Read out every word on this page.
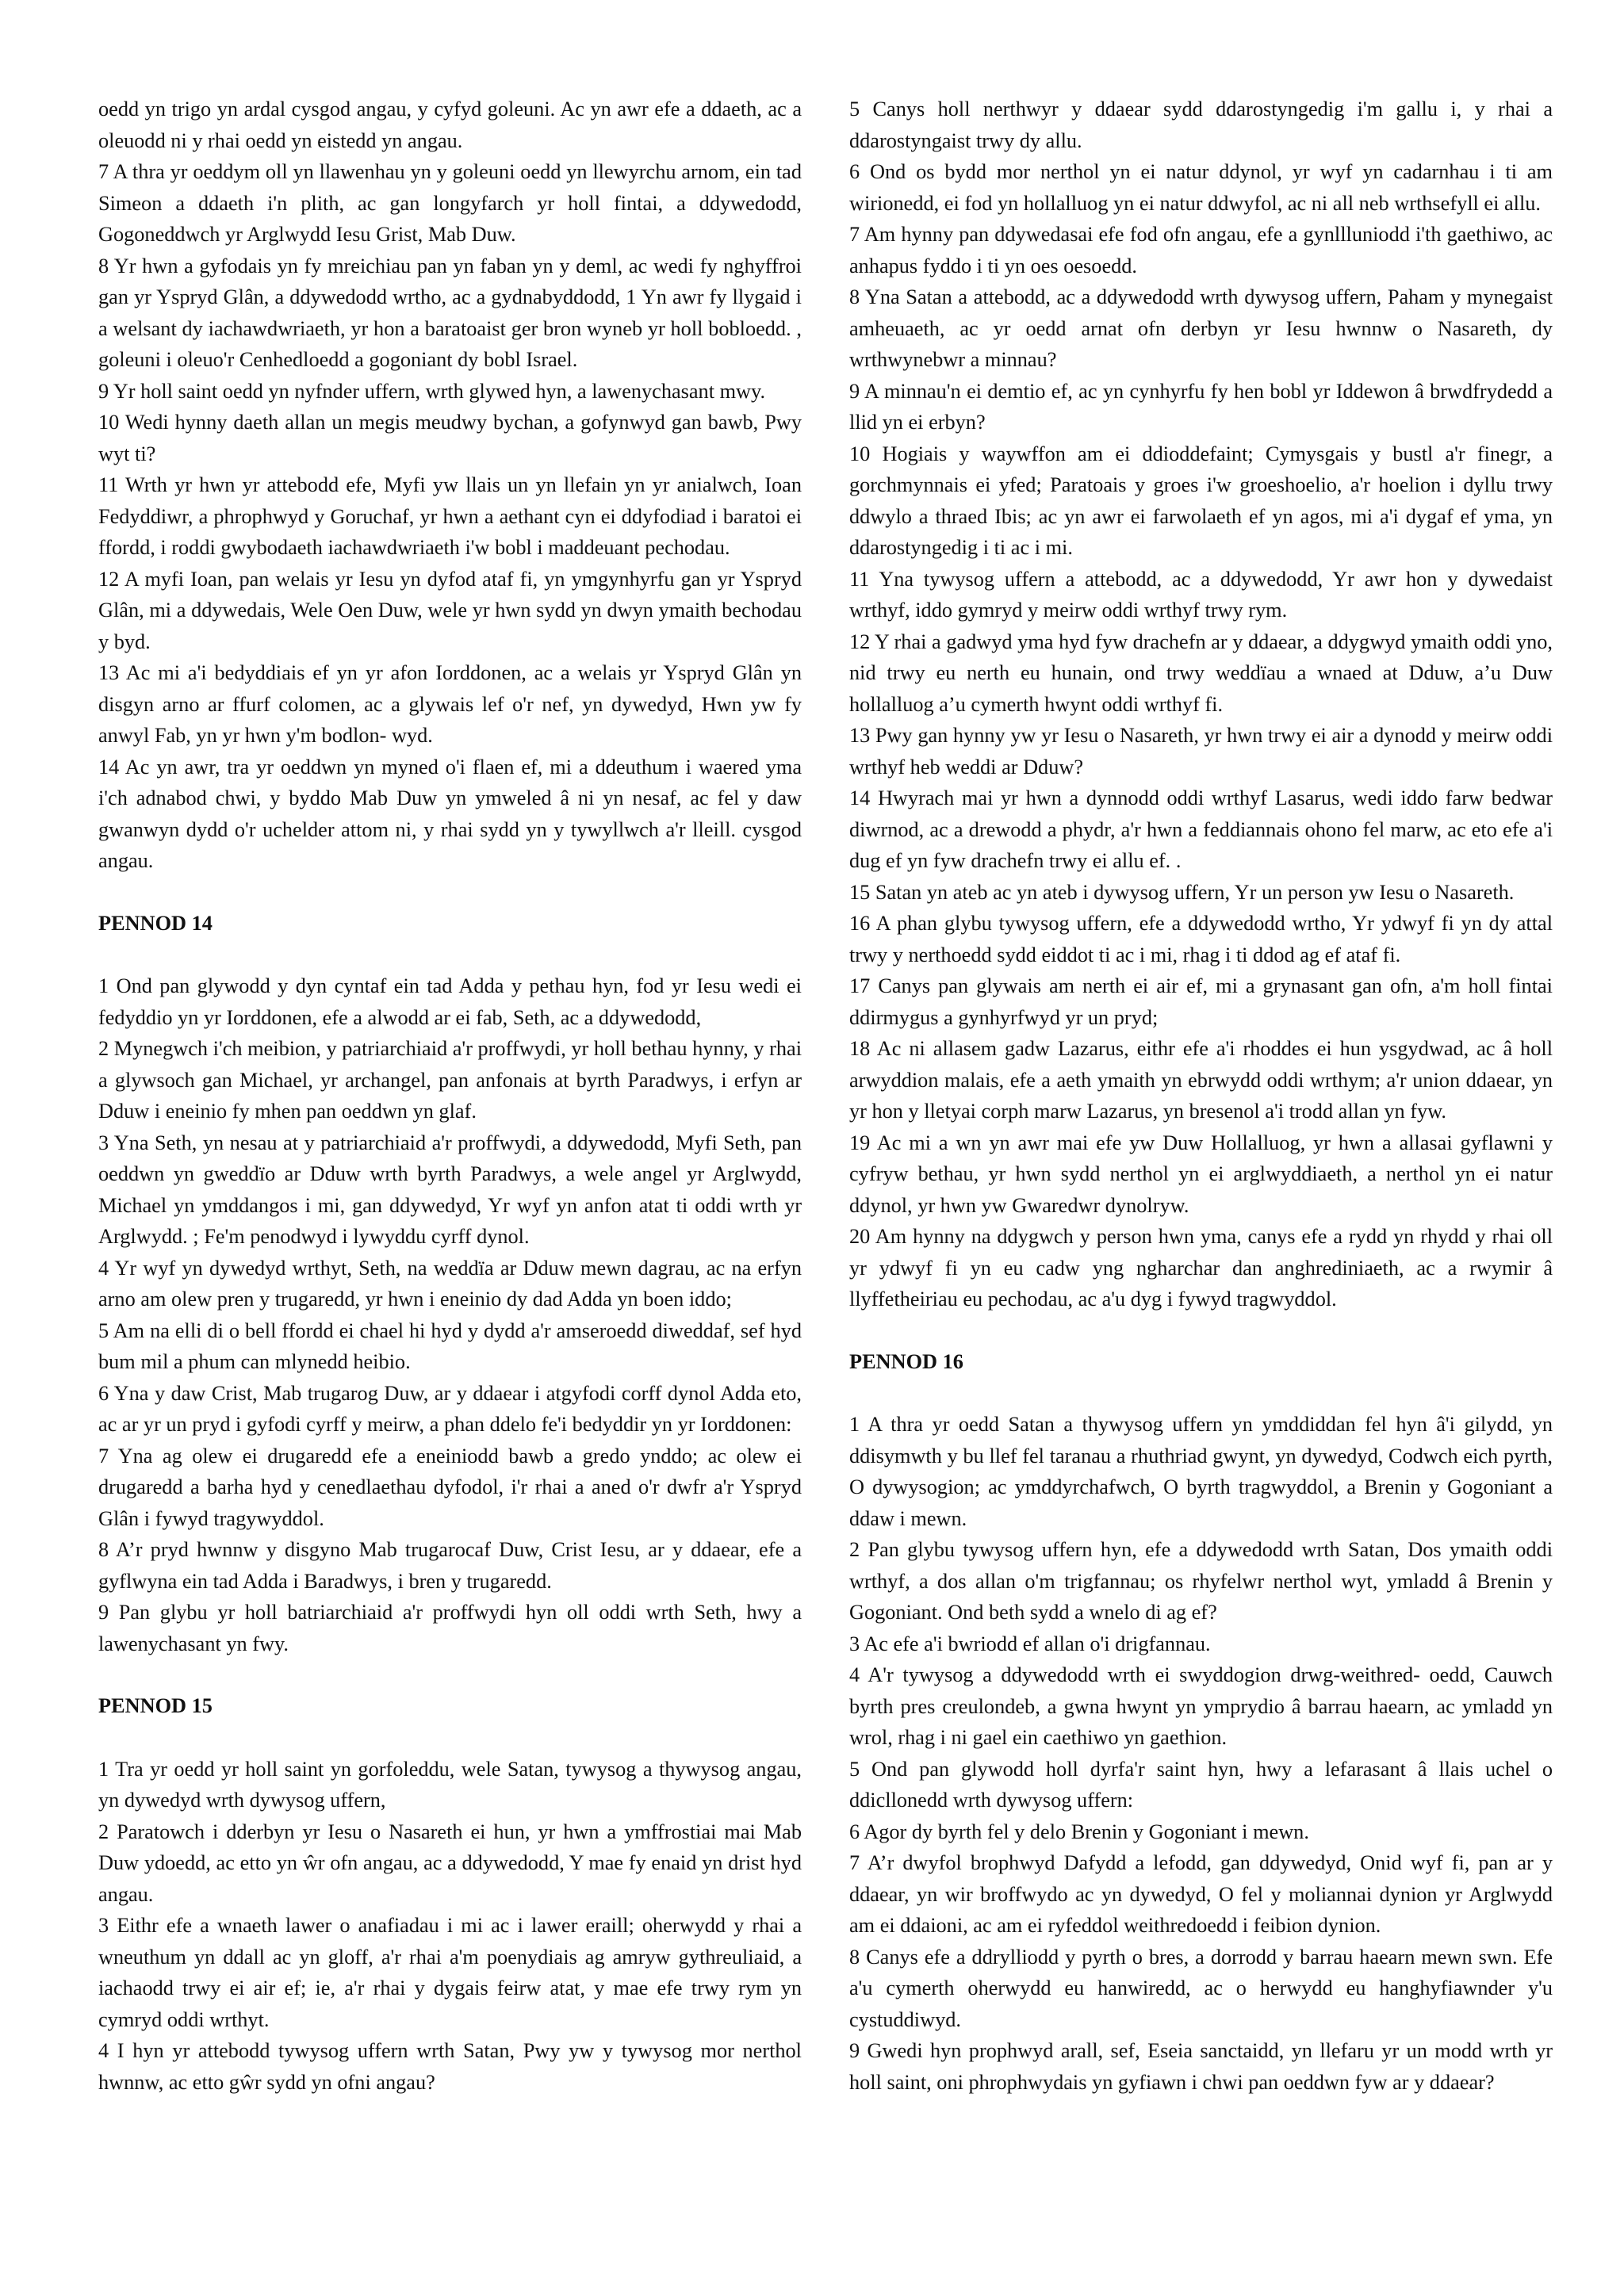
oedd yn trigo yn ardal cysgod angau, y cyfyd goleuni. Ac yn awr efe a ddaeth, ac a oleuodd ni y rhai oedd yn eistedd yn angau.

7 A thra yr oeddym oll yn llawenhau yn y goleuni oedd yn llewyrchu arnom, ein tad Simeon a ddaeth i'n plith, ac gan longyfarch yr holl fintai, a ddywedodd, Gogoneddwch yr Arglwydd Iesu Grist, Mab Duw.

8 Yr hwn a gyfodais yn fy mreichiau pan yn faban yn y deml, ac wedi fy nghyffroi gan yr Yspryd Glân, a ddywedodd wrtho, ac a gydnabyddodd, 1 Yn awr fy llygaid i a welsant dy iachawdwriaeth, yr hon a baratoaist ger bron wyneb yr holl bobloedd. , goleuni i oleuo'r Cenhedloedd a gogoniant dy bobl Israel.

9 Yr holl saint oedd yn nyfnder uffern, wrth glywed hyn, a lawenychasant mwy.

10 Wedi hynny daeth allan un megis meudwy bychan, a gofynwyd gan bawb, Pwy wyt ti?

11 Wrth yr hwn yr attebodd efe, Myfi yw llais un yn llefain yn yr anialwch, Ioan Fedyddiwr, a phrophwyd y Goruchaf, yr hwn a aethant cyn ei ddyfodiad i baratoi ei ffordd, i roddi gwybodaeth iachawdwriaeth i'w bobl i maddeuant pechodau.

12 A myfi Ioan, pan welais yr Iesu yn dyfod ataf fi, yn ymgynhyrfu gan yr Yspryd Glân, mi a ddywedais, Wele Oen Duw, wele yr hwn sydd yn dwyn ymaith bechodau y byd.

13 Ac mi a'i bedyddiais ef yn yr afon Iorddonen, ac a welais yr Yspryd Glân yn disgyn arno ar ffurf colomen, ac a glywais lef o'r nef, yn dywedyd, Hwn yw fy anwyl Fab, yn yr hwn y'm bodlon- wyd.

14 Ac yn awr, tra yr oeddwn yn myned o'i flaen ef, mi a ddeuthum i waered yma i'ch adnabod chwi, y byddo Mab Duw yn ymweled â ni yn nesaf, ac fel y daw gwanwyn dydd o'r uchelder attom ni, y rhai sydd yn y tywyllwch a'r lleill. cysgod angau.

PENNOD 14

1 Ond pan glywodd y dyn cyntaf ein tad Adda y pethau hyn, fod yr Iesu wedi ei fedyddio yn yr Iorddonen, efe a alwodd ar ei fab, Seth, ac a ddywedodd,

2 Mynegwch i'ch meibion, y patriarchiaid a'r proffwydi, yr holl bethau hynny, y rhai a glywsoch gan Michael, yr archangel, pan anfonais at byrth Paradwys, i erfyn ar Dduw i eneinio fy mhen pan oeddwn yn glaf.

3 Yna Seth, yn nesau at y patriarchiaid a'r proffwydi, a ddywedodd, Myfi Seth, pan oeddwn yn gweddïo ar Dduw wrth byrth Paradwys, a wele angel yr Arglwydd, Michael yn ymddangos i mi, gan ddywedyd, Yr wyf yn anfon atat ti oddi wrth yr Arglwydd. ; Fe'm penodwyd i lywyddu cyrff dynol.

4 Yr wyf yn dywedyd wrthyt, Seth, na weddïa ar Dduw mewn dagrau, ac na erfyn arno am olew pren y trugaredd, yr hwn i eneinio dy dad Adda yn boen iddo;

5 Am na elli di o bell ffordd ei chael hi hyd y dydd a'r amseroedd diweddaf, sef hyd bum mil a phum can mlynedd heibio.

6 Yna y daw Crist, Mab trugarog Duw, ar y ddaear i atgyfodi corff dynol Adda eto, ac ar yr un pryd i gyfodi cyrff y meirw, a phan ddelo fe'i bedyddir yn yr Iorddonen:

7 Yna ag olew ei drugaredd efe a eneiniodd bawb a gredo ynddo; ac olew ei drugaredd a barha hyd y cenedlaethau dyfodol, i'r rhai a aned o'r dwfr a'r Yspryd Glân i fywyd tragywyddol.

8 A’r pryd hwnnw y disgyno Mab trugarocaf Duw, Crist Iesu, ar y ddaear, efe a gyflwyna ein tad Adda i Baradwys, i bren y trugaredd.

9 Pan glybu yr holl batriarchiaid a'r proffwydi hyn oll oddi wrth Seth, hwy a lawenychasant yn fwy.

PENNOD 15

1 Tra yr oedd yr holl saint yn gorfoleddu, wele Satan, tywysog a thywysog angau, yn dywedyd wrth dywysog uffern,

2 Paratowch i dderbyn yr Iesu o Nasareth ei hun, yr hwn a ymffrostiai mai Mab Duw ydoedd, ac etto yn ŵr ofn angau, ac a ddywedodd, Y mae fy enaid yn drist hyd angau.

3 Eithr efe a wnaeth lawer o anafiadau i mi ac i lawer eraill; oherwydd y rhai a wneuthum yn ddall ac yn gloff, a'r rhai a'm poenydiais ag amryw gythreuliaid, a iachaodd trwy ei air ef; ie, a'r rhai y dygais feirw atat, y mae efe trwy rym yn cymryd oddi wrthyt.

4 I hyn yr attebodd tywysog uffern wrth Satan, Pwy yw y tywysog mor nerthol hwnnw, ac etto gŵr sydd yn ofni angau?

5 Canys holl nerthwyr y ddaear sydd ddarostyngedig i'm gallu i, y rhai a ddarostyngaist trwy dy allu.

6 Ond os bydd mor nerthol yn ei natur ddynol, yr wyf yn cadarnhau i ti am wirionedd, ei fod yn hollalluog yn ei natur ddwyfol, ac ni all neb wrthsefyll ei allu.

7 Am hynny pan ddywedasai efe fod ofn angau, efe a gynllluniodd i'th gaethiwo, ac anhapus fyddo i ti yn oes oesoedd.

8 Yna Satan a attebodd, ac a ddywedodd wrth dywysog uffern, Paham y mynegaist amheuaeth, ac yr oedd arnat ofn derbyn yr Iesu hwnnw o Nasareth, dy wrthwynebwr a minnau?

9 A minnau'n ei demtio ef, ac yn cynhyrfu fy hen bobl yr Iddewon â brwdfrydedd a llid yn ei erbyn?

10 Hogiais y waywffon am ei ddioddefaint; Cymysgais y bustl a'r finegr, a gorchmynnais ei yfed; Paratoais y groes i'w groeshoelio, a'r hoelion i dyllu trwy ddwylo a thraed Ibis; ac yn awr ei farwolaeth ef yn agos, mi a'i dygaf ef yma, yn ddarostyngedig i ti ac i mi.

11 Yna tywysog uffern a attebodd, ac a ddywedodd, Yr awr hon y dywedaist wrthyf, iddo gymryd y meirw oddi wrthyf trwy rym.

12 Y rhai a gadwyd yma hyd fyw drachefn ar y ddaear, a ddygwyd ymaith oddi yno, nid trwy eu nerth eu hunain, ond trwy weddïau a wnaed at Dduw, a’u Duw hollalluog a’u cymerth hwynt oddi wrthyf fi.

13 Pwy gan hynny yw yr Iesu o Nasareth, yr hwn trwy ei air a dynodd y meirw oddi wrthyf heb weddi ar Dduw?

14 Hwyrach mai yr hwn a dynnodd oddi wrthyf Lasarus, wedi iddo farw bedwar diwrnod, ac a drewodd a phydr, a'r hwn a feddiannais ohono fel marw, ac eto efe a'i dug ef yn fyw drachefn trwy ei allu ef. .

15 Satan yn ateb ac yn ateb i dywysog uffern, Yr un person yw Iesu o Nasareth.

16 A phan glybu tywysog uffern, efe a ddywedodd wrtho, Yr ydwyf fi yn dy attal trwy y nerthoedd sydd eiddot ti ac i mi, rhag i ti ddod ag ef ataf fi.

17 Canys pan glywais am nerth ei air ef, mi a grynasant gan ofn, a'm holl fintai ddirmygus a gynhyrfwyd yr un pryd;

18 Ac ni allasem gadw Lazarus, eithr efe a'i rhoddes ei hun ysgydwad, ac â holl arwyddion malais, efe a aeth ymaith yn ebrwydd oddi wrthym; a'r union ddaear, yn yr hon y lletyai corph marw Lazarus, yn bresenol a'i trodd allan yn fyw.

19 Ac mi a wn yn awr mai efe yw Duw Hollalluog, yr hwn a allasai gyflawni y cyfryw bethau, yr hwn sydd nerthol yn ei arglwyddiaeth, a nerthol yn ei natur ddynol, yr hwn yw Gwaredwr dynolryw.

20 Am hynny na ddygwch y person hwn yma, canys efe a rydd yn rhydd y rhai oll yr ydwyf fi yn eu cadw yng ngharchar dan anghrediniaeth, ac a rwymir â llyffetheiriau eu pechodau, ac a'u dyg i fywyd tragwyddol.

PENNOD 16

1 A thra yr oedd Satan a thywysog uffern yn ymddiddan fel hyn â'i gilydd, yn ddisymwth y bu llef fel taranau a rhuthriad gwynt, yn dywedyd, Codwch eich pyrth, O dywysogion; ac ymddyrchafwch, O byrth tragwyddol, a Brenin y Gogoniant a ddaw i mewn.

2 Pan glybu tywysog uffern hyn, efe a ddywedodd wrth Satan, Dos ymaith oddi wrthyf, a dos allan o'm trigfannau; os rhyfelwr nerthol wyt, ymladd â Brenin y Gogoniant. Ond beth sydd a wnelo di ag ef?

3 Ac efe a'i bwriodd ef allan o'i drigfannau.

4 A'r tywysog a ddywedodd wrth ei swyddogion drwg-weithred- oedd, Cauwch byrth pres creulondeb, a gwna hwynt yn ymprydio â barrau haearn, ac ymladd yn wrol, rhag i ni gael ein caethiwo yn gaethion.

5 Ond pan glywodd holl dyrfa'r saint hyn, hwy a lefarasant â llais uchel o ddicllonedd wrth dywysog uffern:

6 Agor dy byrth fel y delo Brenin y Gogoniant i mewn.

7 A’r dwyfol brophwyd Dafydd a lefodd, gan ddywedyd, Onid wyf fi, pan ar y ddaear, yn wir broffwydo ac yn dywedyd, O fel y moliannai dynion yr Arglwydd am ei ddaioni, ac am ei ryfeddol weithredoedd i feibion dynion.

8 Canys efe a ddrylliodd y pyrth o bres, a dorrodd y barrau haearn mewn swn. Efe a'u cymerth oherwydd eu hanwiredd, ac o herwydd eu hanghyfiawnder y'u cystuddiwyd.

9 Gwedi hyn prophwyd arall, sef, Eseia sanctaidd, yn llefaru yr un modd wrth yr holl saint, oni phrophwydais yn gyfiawn i chwi pan oeddwn fyw ar y ddaear?
